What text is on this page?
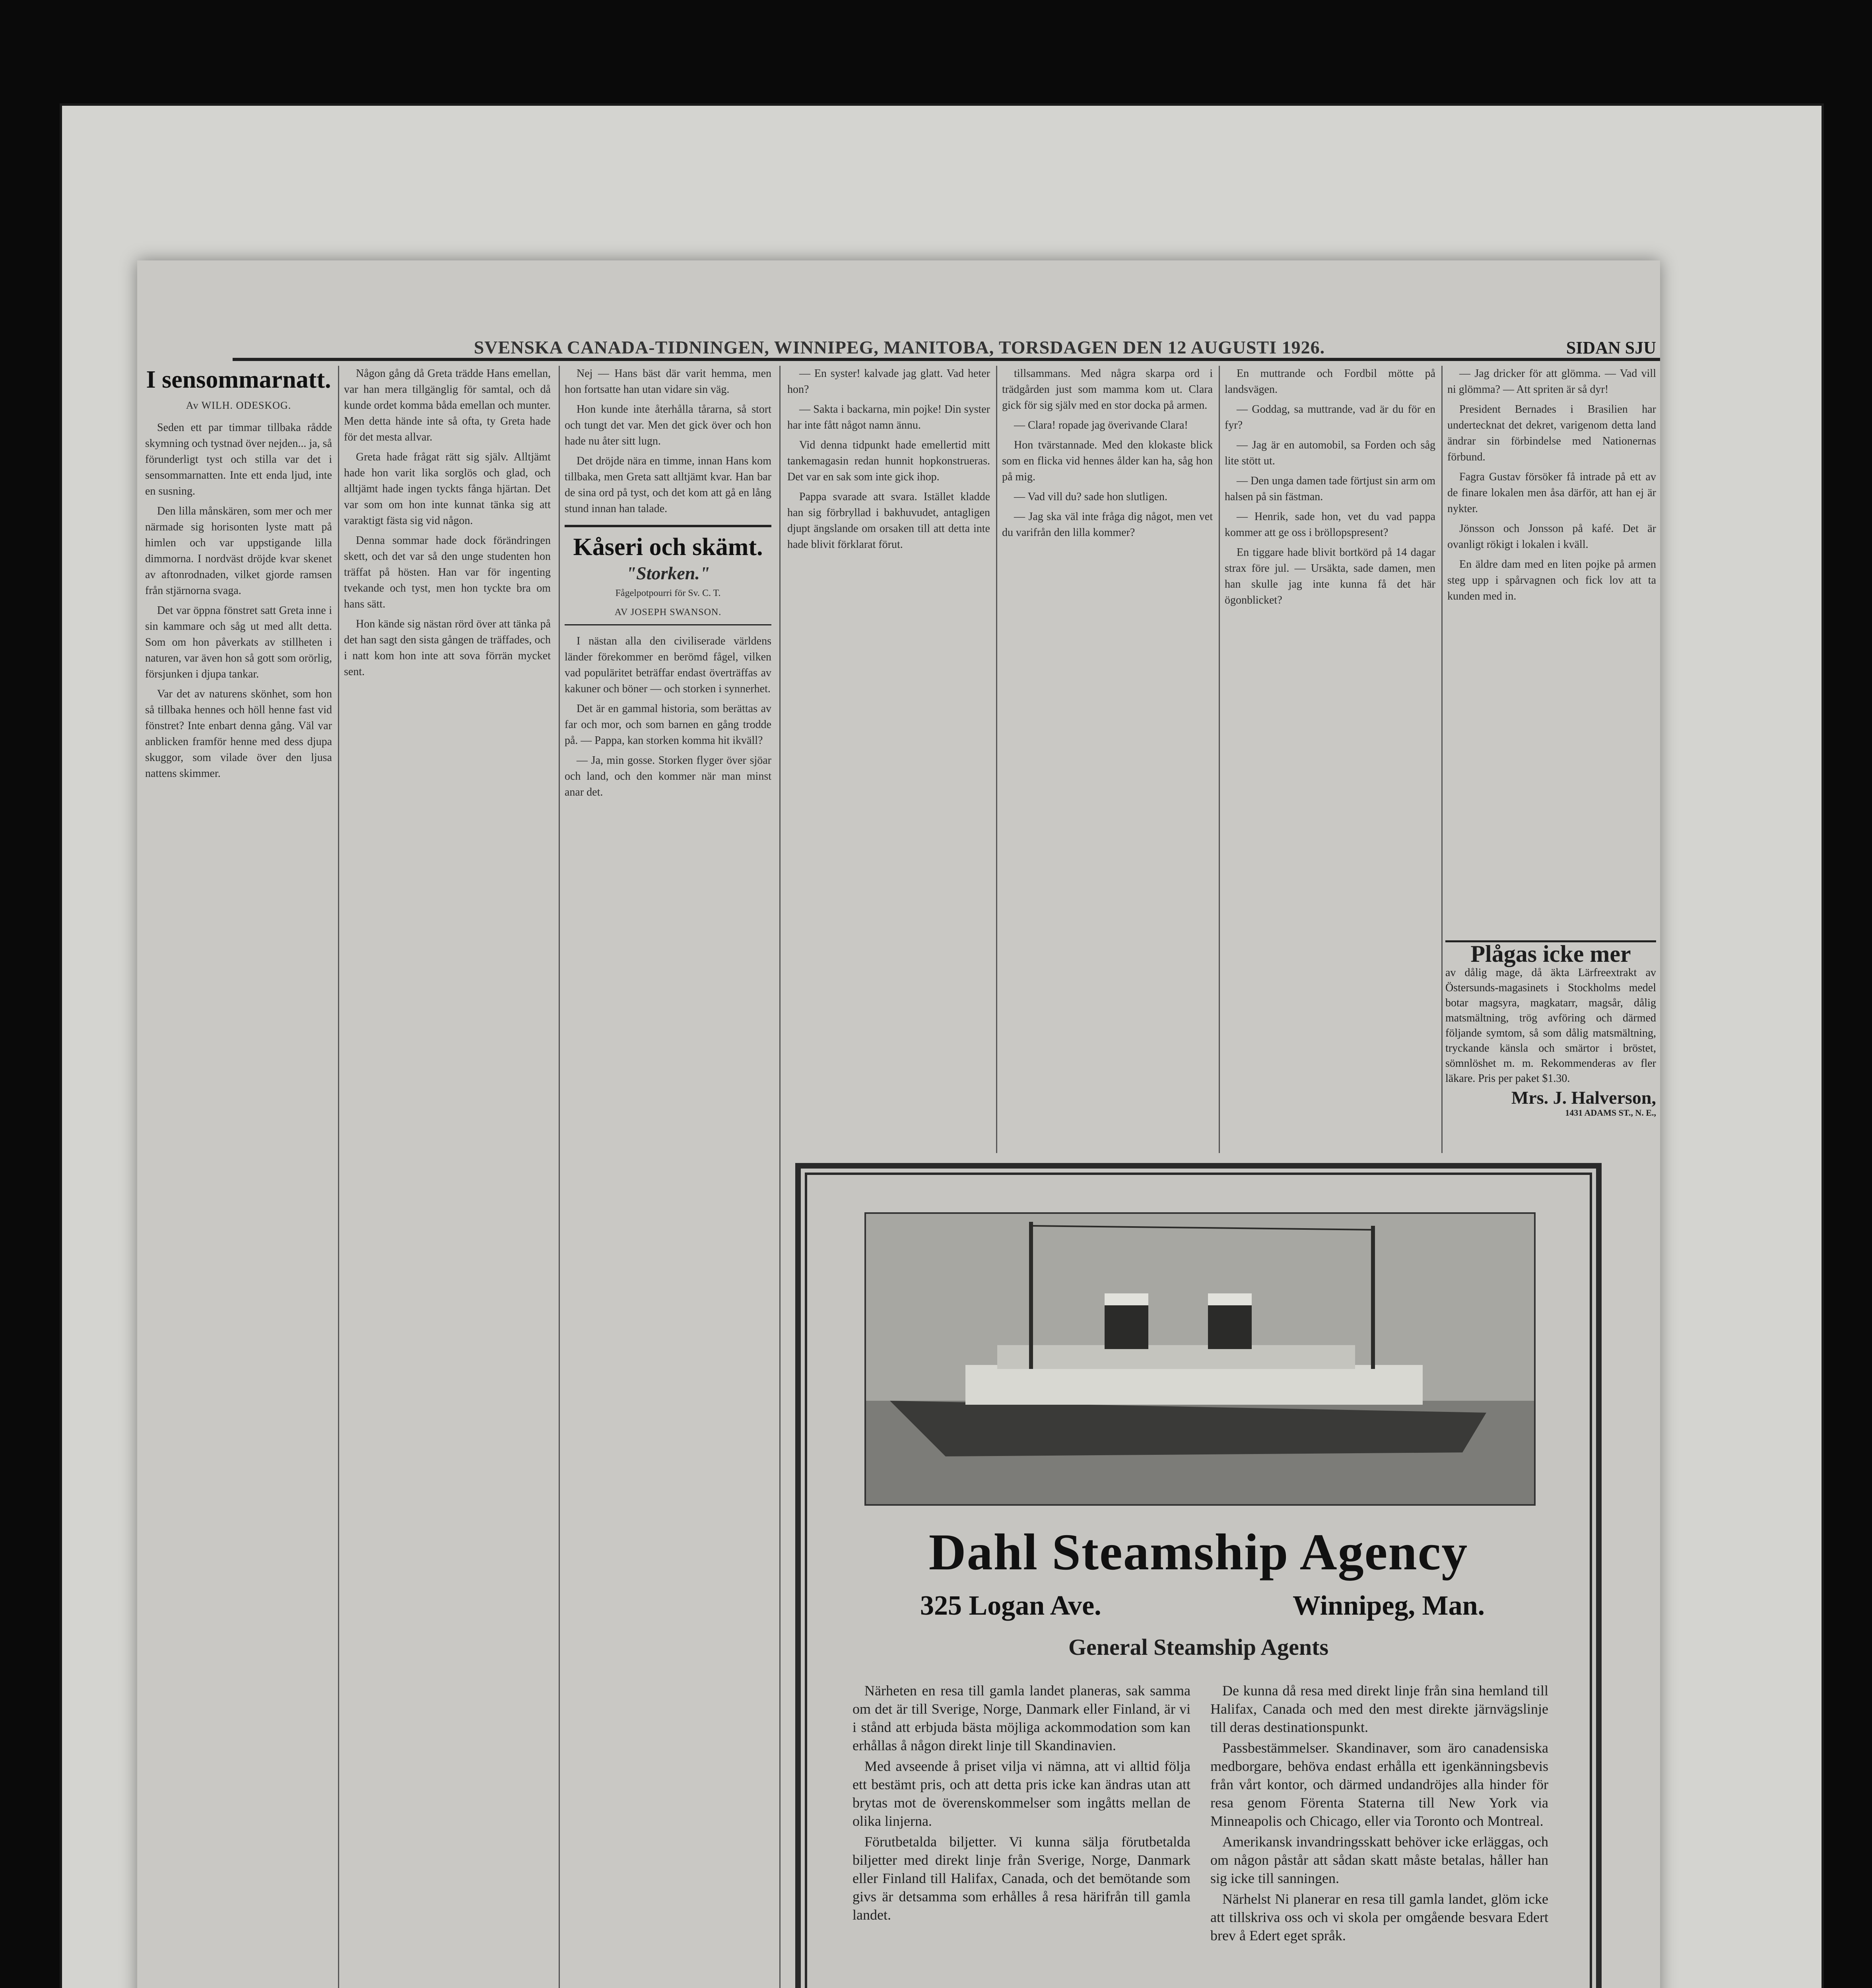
SVENSKA CANADA-TIDNINGEN, WINNIPEG, MANITOBA, TORSDAGEN DEN 12 AUGUSTI 1926.	SIDAN SJU
I sensommarnatt.
Av WILH. ODESKOG.

Seden ett par timmar tillbaka rådde skymning och tystnad över nejden... ja, så förunderligt tyst och stilla var det i sensommarnatten. Inte ett enda ljud, inte en susning.

Den lilla månskären, som mer och mer närmade sig horisonten lyste matt på himlen och var uppstigande lilla dimmorna. I nordväst dröjde kvar skenet av aftonrodnaden, vilket gjorde ramsen från stjärnorna svaga.

Det var öppna fönstret satt Greta inne i sin kammare och såg ut med allt detta. Som om hon påverkats av stillheten i naturen, var även hon så gott som orörlig, försjunken i djupa tankar.

Var det av naturens skönhet, som hon så tillbaka hennes och höll henne fast vid fönstret? Inte enbart denna gång. Väl var anblicken framför henne med dess djupa skuggor, som vilade över den ljusa nattens skimmer.

Någon gång då Greta trädde Hans emellan, var han mera tillgänglig för samtal, och då kunde ordet komma båda emellan och munter. Men detta hände inte så ofta, ty Greta hade för det mesta allvar.

Greta hade frågat rätt sig själv. Alltjämt hade hon varit lika sorglös och glad, och alltjämt hade ingen tyckts fånga hjärtan. Det var som om hon inte kunnat tänka sig att varaktigt fästa sig vid någon.

Denna sommar hade dock förändringen skett, och det var så den unge studenten hon träffat på hösten. Han var för ingenting tvekande och tyst, men hon tyckte bra om hans sätt.

Hon kände sig nästan rörd över att tänka på det han sagt den sista gången de träffades, och i natt kom hon inte att sova förrän mycket sent.

Nej — Hans bäst där varit hemma, men hon fortsatte han utan vidare sin väg.

Hon kunde inte återhålla tårarna, så stort och tungt det var. Men det gick över och hon hade nu åter sitt lugn.

Det dröjde nära en timme, innan Hans kom tillbaka, men Greta satt alltjämt kvar. Han bar de sina ord på tyst, och det kom att gå en lång stund innan han talade.

Kåseri och skämt.
"Storken."
Fågelpotpourri för Sv. C. T.
AV JOSEPH SWANSON.

I nästan alla den civiliserade världens länder förekommer en berömd fågel, vilken vad populäritet beträffar endast överträffas av kakuner och böner — och storken i synnerhet.

Det är en gammal historia, som berättas av far och mor, och som barnen en gång trodde på. — Pappa, kan storken komma hit ikväll?

— Ja, min gosse. Storken flyger över sjöar och land, och den kommer när man minst anar det.

— En syster! kalvade jag glatt. Vad heter hon?

— Sakta i backarna, min pojke! Din syster har inte fått något namn ännu.

Vid denna tidpunkt hade emellertid mitt tankemagasin redan hunnit hopkonstrueras. Det var en sak som inte gick ihop.

Pappa svarade att svara. Istället kladde han sig förbryllad i bakhuvudet, antagligen djupt ängslande om orsaken till att detta inte hade blivit förklarat förut.

tillsammans. Med några skarpa ord i trädgården just som mamma kom ut. Clara gick för sig själv med en stor docka på armen.

— Clara! ropade jag överivande Clara!

Hon tvärstannade. Med den klokaste blick som en flicka vid hennes ålder kan ha, såg hon på mig.

— Vad vill du? sade hon slutligen.

— Jag ska väl inte fråga dig något, men vet du varifrån den lilla kommer?

En muttrande och Fordbil mötte på landsvägen.

— Goddag, sa muttrande, vad är du för en fyr?

— Jag är en automobil, sa Forden och såg lite stött ut.

— Den unga damen tade förtjust sin arm om halsen på sin fästman.

— Henrik, sade hon, vet du vad pappa kommer att ge oss i bröllopspresent?

En tiggare hade blivit bortkörd på 14 dagar strax före jul. — Ursäkta, sade damen, men han skulle jag inte kunna få det här ögonblicket?

— Jag dricker för att glömma. — Vad vill ni glömma? — Att spriten är så dyr!

President Bernades i Brasilien har undertecknat det dekret, varigenom detta land ändrar sin förbindelse med Nationernas förbund.

Fagra Gustav försöker få intrade på ett av de finare lokalen men åsa därför, att han ej är nykter.

Jönsson och Jonsson på kafé. Det är ovanligt rökigt i lokalen i kväll.

En äldre dam med en liten pojke på armen steg upp i spårvagnen och fick lov att ta kunden med in.

Plågas icke mer
av dålig mage, då äkta Lärfreextrakt av Östersunds-magasinets i Stockholms medel botar magsyra, magkatarr, magsår, dålig matsmältning, trög avföring och därmed följande symtom, så som dålig matsmältning, tryckande känsla och smärtor i bröstet, sömnlöshet m. m. Rekommenderas av fler läkare. Pris per paket $1.30.
Mrs. J. Halverson,
1431 ADAMS ST., N. E.,
Dahl Steamship Agency
325 Logan Ave.	Winnipeg, Man.
General Steamship Agents

Närheten en resa till gamla landet planeras, sak samma om det är till Sverige, Norge, Danmark eller Finland, är vi i stånd att erbjuda bästa möjliga ackommodation som kan erhållas å någon direkt linje till Skandinavien.

Med avseende å priset vilja vi nämna, att vi alltid följa ett bestämt pris, och att detta pris icke kan ändras utan att brytas mot de överenskommelser som ingåtts mellan de olika linjerna.

Förutbetalda biljetter. Vi kunna sälja förutbetalda biljetter med direkt linje från Sverige, Norge, Danmark eller Finland till Halifax, Canada, och det bemötande som givs är detsamma som erhålles å resa härifrån till gamla landet.

De kunna då resa med direkt linje från sina hemland till Halifax, Canada och med den mest direkte järnvägslinje till deras destinationspunkt.

Passbestämmelser. Skandinaver, som äro canadensiska medborgare, behöva endast erhålla ett igenkänningsbevis från vårt kontor, och därmed undandröjes alla hinder för resa genom Förenta Staterna till New York via Minneapolis och Chicago, eller via Toronto och Montreal.

Amerikansk invandringsskatt behöver icke erläggas, och om någon påstår att sådan skatt måste betalas, håller han sig icke till sanningen.

Närhelst Ni planerar en resa till gamla landet, glöm icke att tillskriva oss och vi skola per omgående besvara Edert brev å Edert eget språk.
